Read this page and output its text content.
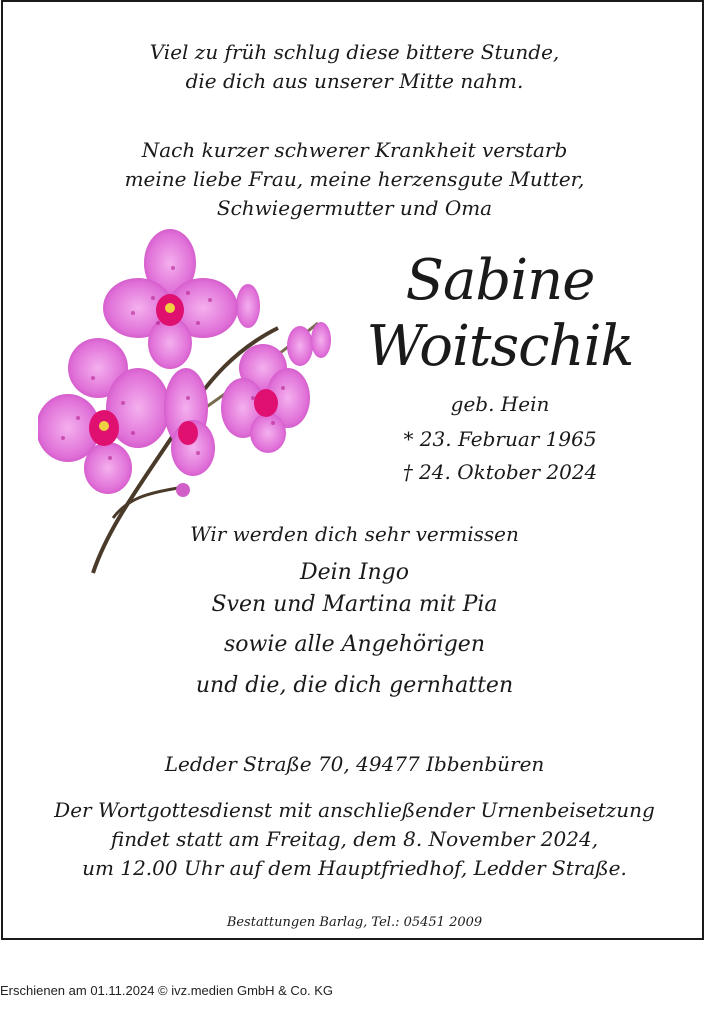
Viel zu früh schlug diese bittere Stunde,
die dich aus unserer Mitte nahm.
Nach kurzer schwerer Krankheit verstarb
meine liebe Frau, meine herzensgute Mutter,
Schwiegermutter und Oma
Sabine
Woitschik
geb. Hein
* 23. Februar 1965
† 24. Oktober 2024
Wir werden dich sehr vermissen
Dein Ingo
Sven und Martina mit Pia
sowie alle Angehörigen
und die, die dich gernhatten
Ledder Straße 70, 49477 Ibbenbüren
Der Wortgottesdienst mit anschließender Urnenbeisetzung
findet statt am Freitag, dem 8. November 2024,
um 12.00 Uhr auf dem Hauptfriedhof, Ledder Straße.
Bestattungen Barlag, Tel.: 05451 2009
Erschienen am 01.11.2024 © ivz.medien GmbH & Co. KG
